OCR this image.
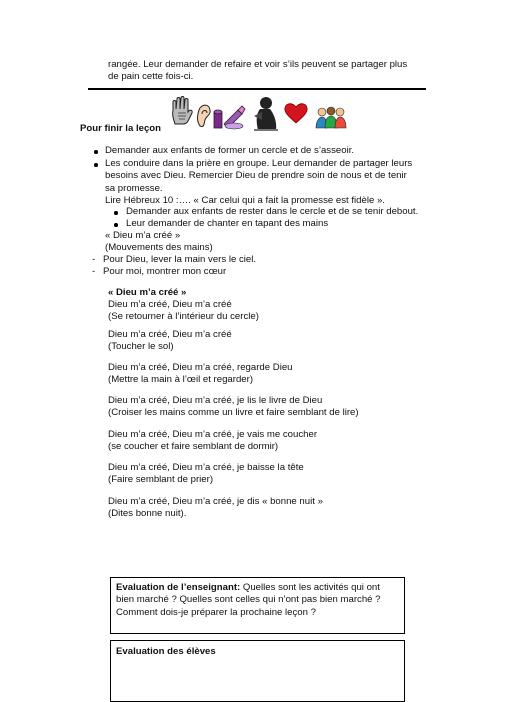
rangée. Leur demander de refaire et voir s’ils peuvent se partager plus
de pain cette fois-ci.
Pour finir la leçon
Demander aux enfants de former un cercle et de s’asseoir.
Les conduire dans la prière en groupe. Leur demander de partager leurs
besoins avec Dieu. Remercier Dieu de prendre soin de nous et de tenir
sa promesse.
Lire Hébreux 10 :…. « Car celui qui a fait la promesse est fidèle ».
Demander aux enfants de rester dans le cercle et de se tenir debout.
Leur demander de chanter en tapant des mains
« Dieu m’a créé »
(Mouvements des mains)
- Pour Dieu, lever la main vers le ciel.
- Pour moi, montrer mon cœur
« Dieu m’a créé »
Dieu m’a créé, Dieu m’a créé
(Se retourner à l’intérieur du cercle)
Dieu m’a créé, Dieu m’a créé
(Toucher le sol)
Dieu m’a créé, Dieu m’a créé, regarde Dieu
(Mettre la main à l’œil et regarder)
Dieu m’a créé, Dieu m’a créé, je lis le livre de Dieu
(Croiser les mains comme un livre et faire semblant de lire)
Dieu m’a créé, Dieu m’a créé, je vais me coucher
(se coucher et faire semblant de dormir)
Dieu m’a créé, Dieu m’a créé, je baisse la tête
(Faire semblant de prier)
Dieu m’a créé, Dieu m’a créé, je dis « bonne nuit »
(Dites bonne nuit).
Evaluation de l’enseignant: Quelles sont les activités qui ont
bien marché ? Quelles sont celles qui n’ont pas bien marché ?
Comment dois-je préparer la prochaine leçon ?
Evaluation des élèves
